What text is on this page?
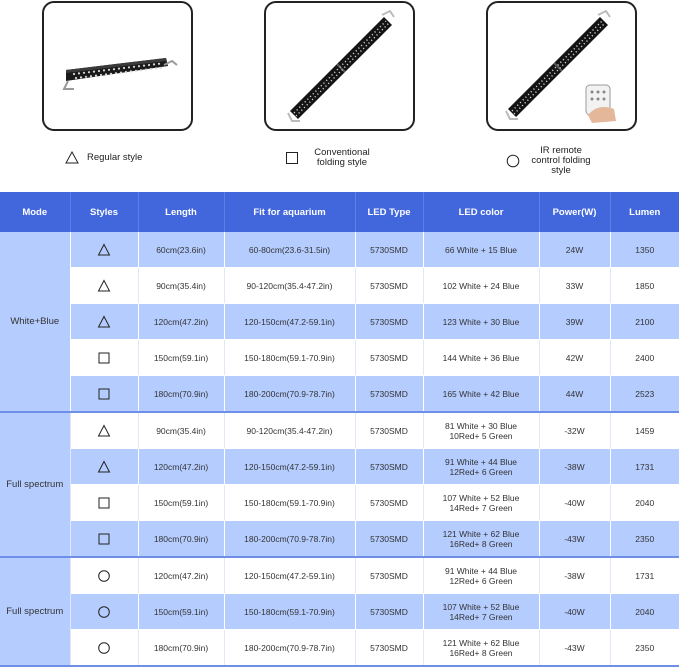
Regular style	Conventional folding style
IR remote control folding style
Mode	Styles	Length	Fit for aquarium	LED Type	LED color	Power(W)	Lumen
White+Blue		60cm(23.6in)	60-80cm(23.6-31.5in)	5730SMD	66 White + 15 Blue	24W	1350

	90cm(35.4in)	90-120cm(35.4-47.2in)	5730SMD	102 White + 24 Blue	33W	1850

	120cm(47.2in)	120-150cm(47.2-59.1in)	5730SMD	123 White + 30 Blue	39W	2100

	150cm(59.1in)	150-180cm(59.1-70.9in)	5730SMD	144 White + 36 Blue	42W	2400

	180cm(70.9in)	180-200cm(70.9-78.7in)	5730SMD	165 White + 42 Blue	44W	2523
Full spectrum		90cm(35.4in)	90-120cm(35.4-47.2in)	5730SMD	81 White + 30 Blue
10Red+ 5 Green	-32W	1459

	120cm(47.2in)	120-150cm(47.2-59.1in)	5730SMD	91 White + 44 Blue
12Red+ 6 Green	-38W	1731

	150cm(59.1in)	150-180cm(59.1-70.9in)	5730SMD	107 White + 52 Blue
14Red+ 7 Green	-40W	2040

	180cm(70.9in)	180-200cm(70.9-78.7in)	5730SMD	121 White + 62 Blue
16Red+ 8 Green	-43W	2350
Full spectrum		120cm(47.2in)	120-150cm(47.2-59.1in)	5730SMD	91 White + 44 Blue
12Red+ 6 Green	-38W	1731

	150cm(59.1in)	150-180cm(59.1-70.9in)	5730SMD	107 White + 52 Blue
14Red+ 7 Green	-40W	2040

	180cm(70.9in)	180-200cm(70.9-78.7in)	5730SMD	121 White + 62 Blue
16Red+ 8 Green	-43W	2350
